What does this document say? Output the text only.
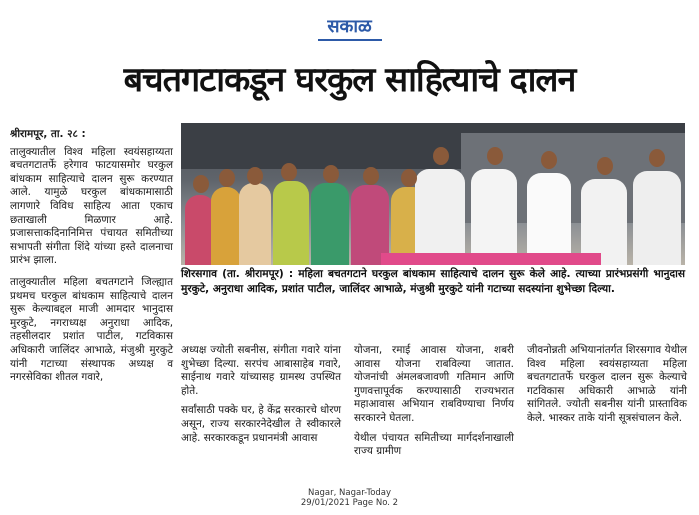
सकाळ
बचतगटाकडून घरकुल साहित्याचे दालन

श्रीरामपूर, ता. २८ :

तालुक्यातील विश्व महिला स्वयंसहाय्यता बचतगटातर्फे हरेगाव फाटयासमोर घरकुल बांधकाम साहित्याचे दालन सुरू करण्यात आले. यामुळे घरकुल बांधकामासाठी लागणारे विविध साहित्य आता एकाच छताखाली मिळणार आहे. प्रजासत्ताकदिनानिमित्त पंचायत समितीच्या सभापती संगीता शिंदे यांच्या हस्ते दालनाचा प्रारंभ झाला.

तालुक्यातील महिला बचतगटाने जिल्ह्यात प्रथमच घरकुल बांधकाम साहित्याचे दालन सुरू केल्याबद्दल माजी आमदार भानुदास मुरकुटे, नगराध्यक्ष अनुराधा आदिक, तहसीलदार प्रशांत पाटील, गटविकास अधिकारी जालिंदर आभाळे, मंजुश्री मुरकुटे यांनी गटाच्या संस्थापक अध्यक्ष व नगरसेविका शीतल गवारे,

शिरसगाव (ता. श्रीरामपूर) : महिला बचतगटाने घरकुल बांधकाम साहित्याचे दालन सुरू केले आहे. त्याच्या प्रारंभप्रसंगी भानुदास मुरकुटे, अनुराधा आदिक, प्रशांत पाटील, जालिंदर आभाळे, मंजुश्री मुरकुटे यांनी गटाच्या सदस्यांना शुभेच्छा दिल्या.

अध्यक्ष ज्योती सबनीस, संगीता गवारे यांना शुभेच्छा दिल्या. सरपंच आबासाहेब गवारे, साईनाथ गवारे यांच्यासह ग्रामस्थ उपस्थित होते.

सर्वांसाठी पक्के घर, हे केंद्र सरकारचे धोरण असून, राज्य सरकारनेदेखील ते स्वीकारले आहे. सरकारकडून प्रधानमंत्री आवास

योजना, रमाई आवास योजना, शबरी आवास योजना राबविल्या जातात. योजनांची अंमलबजावणी गतिमान आणि गुणवत्तापूर्वक करण्यासाठी राज्यभरात महाआवास अभियान राबविण्याचा निर्णय सरकारने घेतला.

येथील पंचायत समितीच्या मार्गदर्शनाखाली राज्य ग्रामीण

जीवनोन्नती अभियानांतर्गत शिरसगाव येथील विश्व महिला स्वयंसहाय्यता महिला बचतगटातर्फे घरकुल दालन सुरू केल्याचे गटविकास अधिकारी आभाळे यांनी सांगितले. ज्योती सबनीस यांनी प्रास्ताविक केले. भास्कर ताके यांनी सूत्रसंचालन केले.

Nagar, Nagar-Today
29/01/2021 Page No. 2
